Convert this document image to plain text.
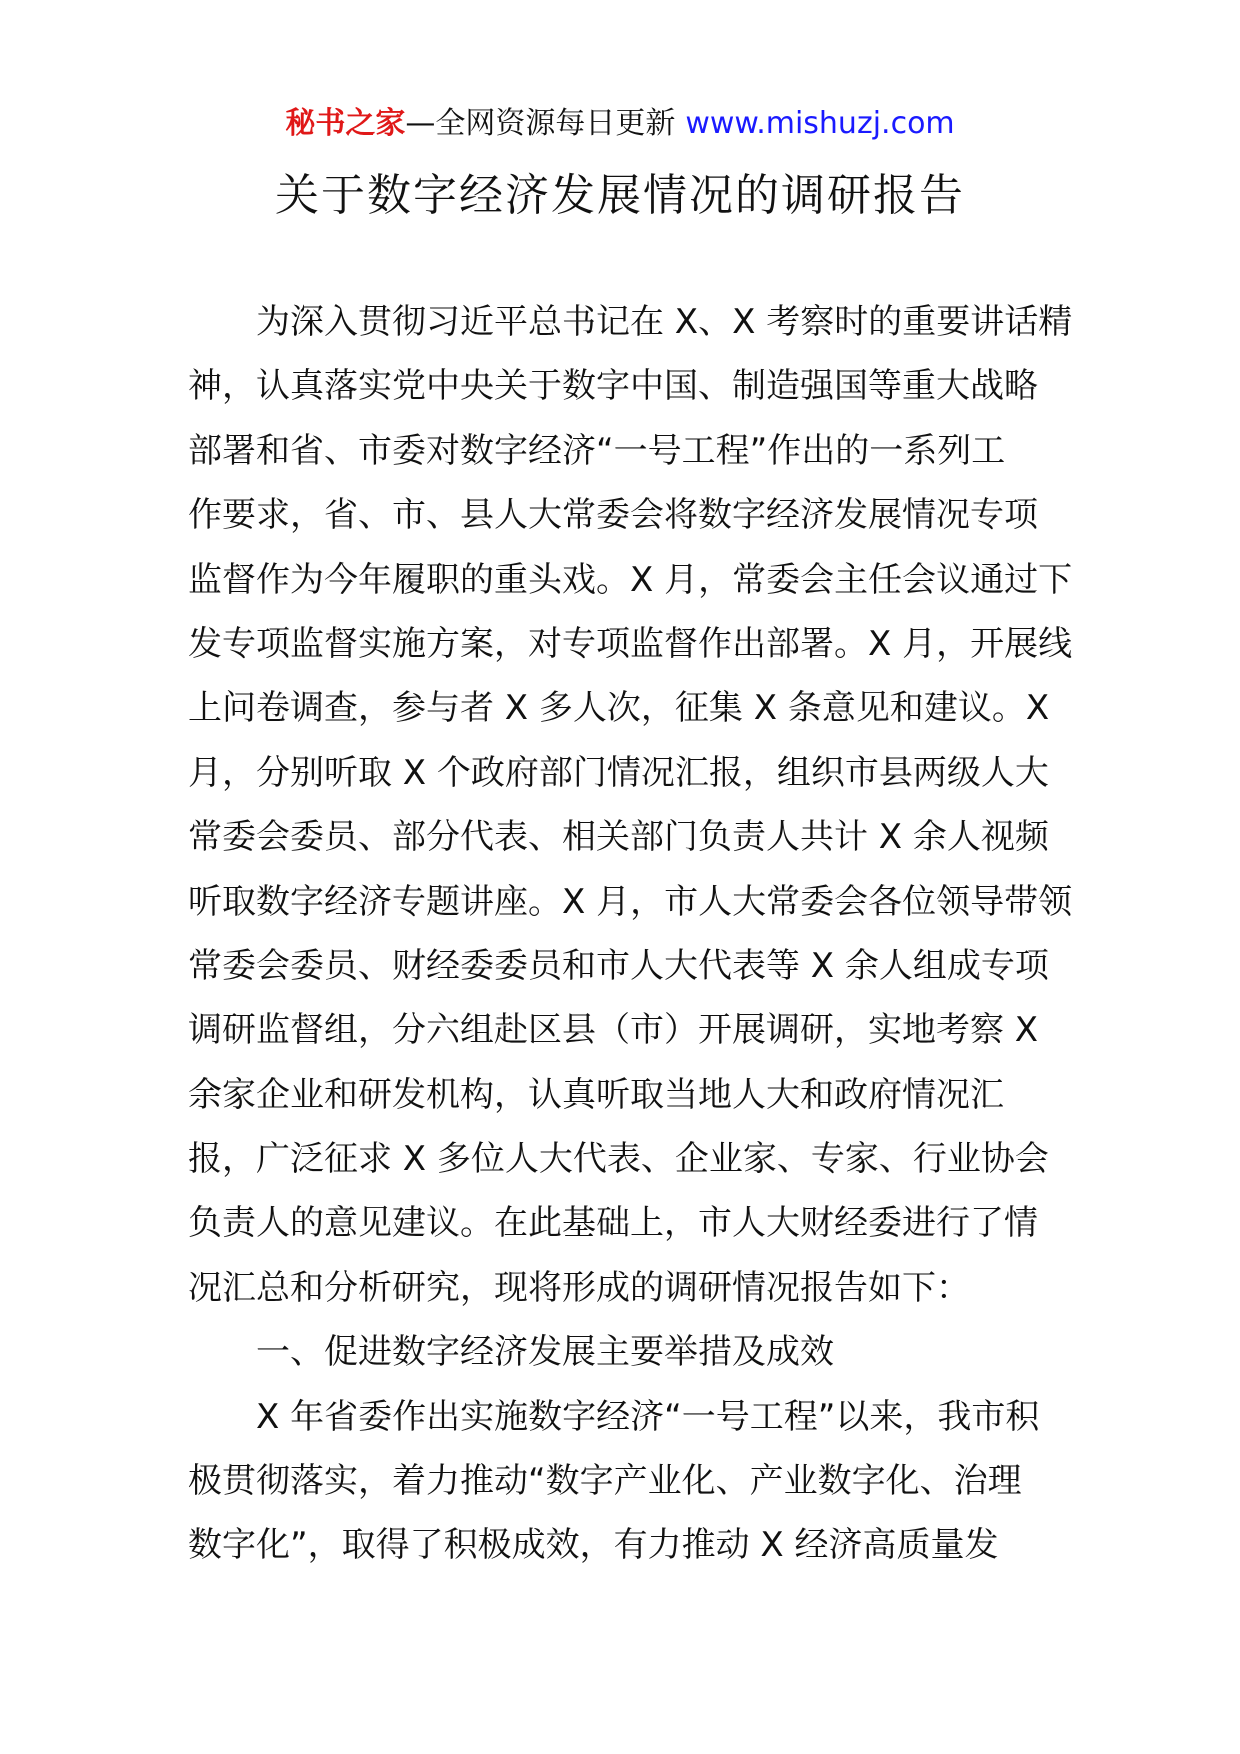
秘书之家—全网资源每日更新 www.mishuzj.com
关于数字经济发展情况的调研报告
为深入贯彻习近平总书记在 X、X 考察时的重要讲话精
神，认真落实党中央关于数字中国、制造强国等重大战略
部署和省、市委对数字经济“一号工程”作出的一系列工
作要求，省、市、县人大常委会将数字经济发展情况专项
监督作为今年履职的重头戏。X 月，常委会主任会议通过下
发专项监督实施方案，对专项监督作出部署。X 月，开展线
上问卷调查，参与者 X 多人次，征集 X 条意见和建议。X
月，分别听取 X 个政府部门情况汇报，组织市县两级人大
常委会委员、部分代表、相关部门负责人共计 X 余人视频
听取数字经济专题讲座。X 月，市人大常委会各位领导带领
常委会委员、财经委委员和市人大代表等 X 余人组成专项
调研监督组，分六组赴区县（市）开展调研，实地考察 X
余家企业和研发机构，认真听取当地人大和政府情况汇
报，广泛征求 X 多位人大代表、企业家、专家、行业协会
负责人的意见建议。在此基础上，市人大财经委进行了情
况汇总和分析研究，现将形成的调研情况报告如下：
一、促进数字经济发展主要举措及成效
X 年省委作出实施数字经济“一号工程”以来，我市积
极贯彻落实，着力推动“数字产业化、产业数字化、治理
数字化”，取得了积极成效，有力推动 X 经济高质量发
